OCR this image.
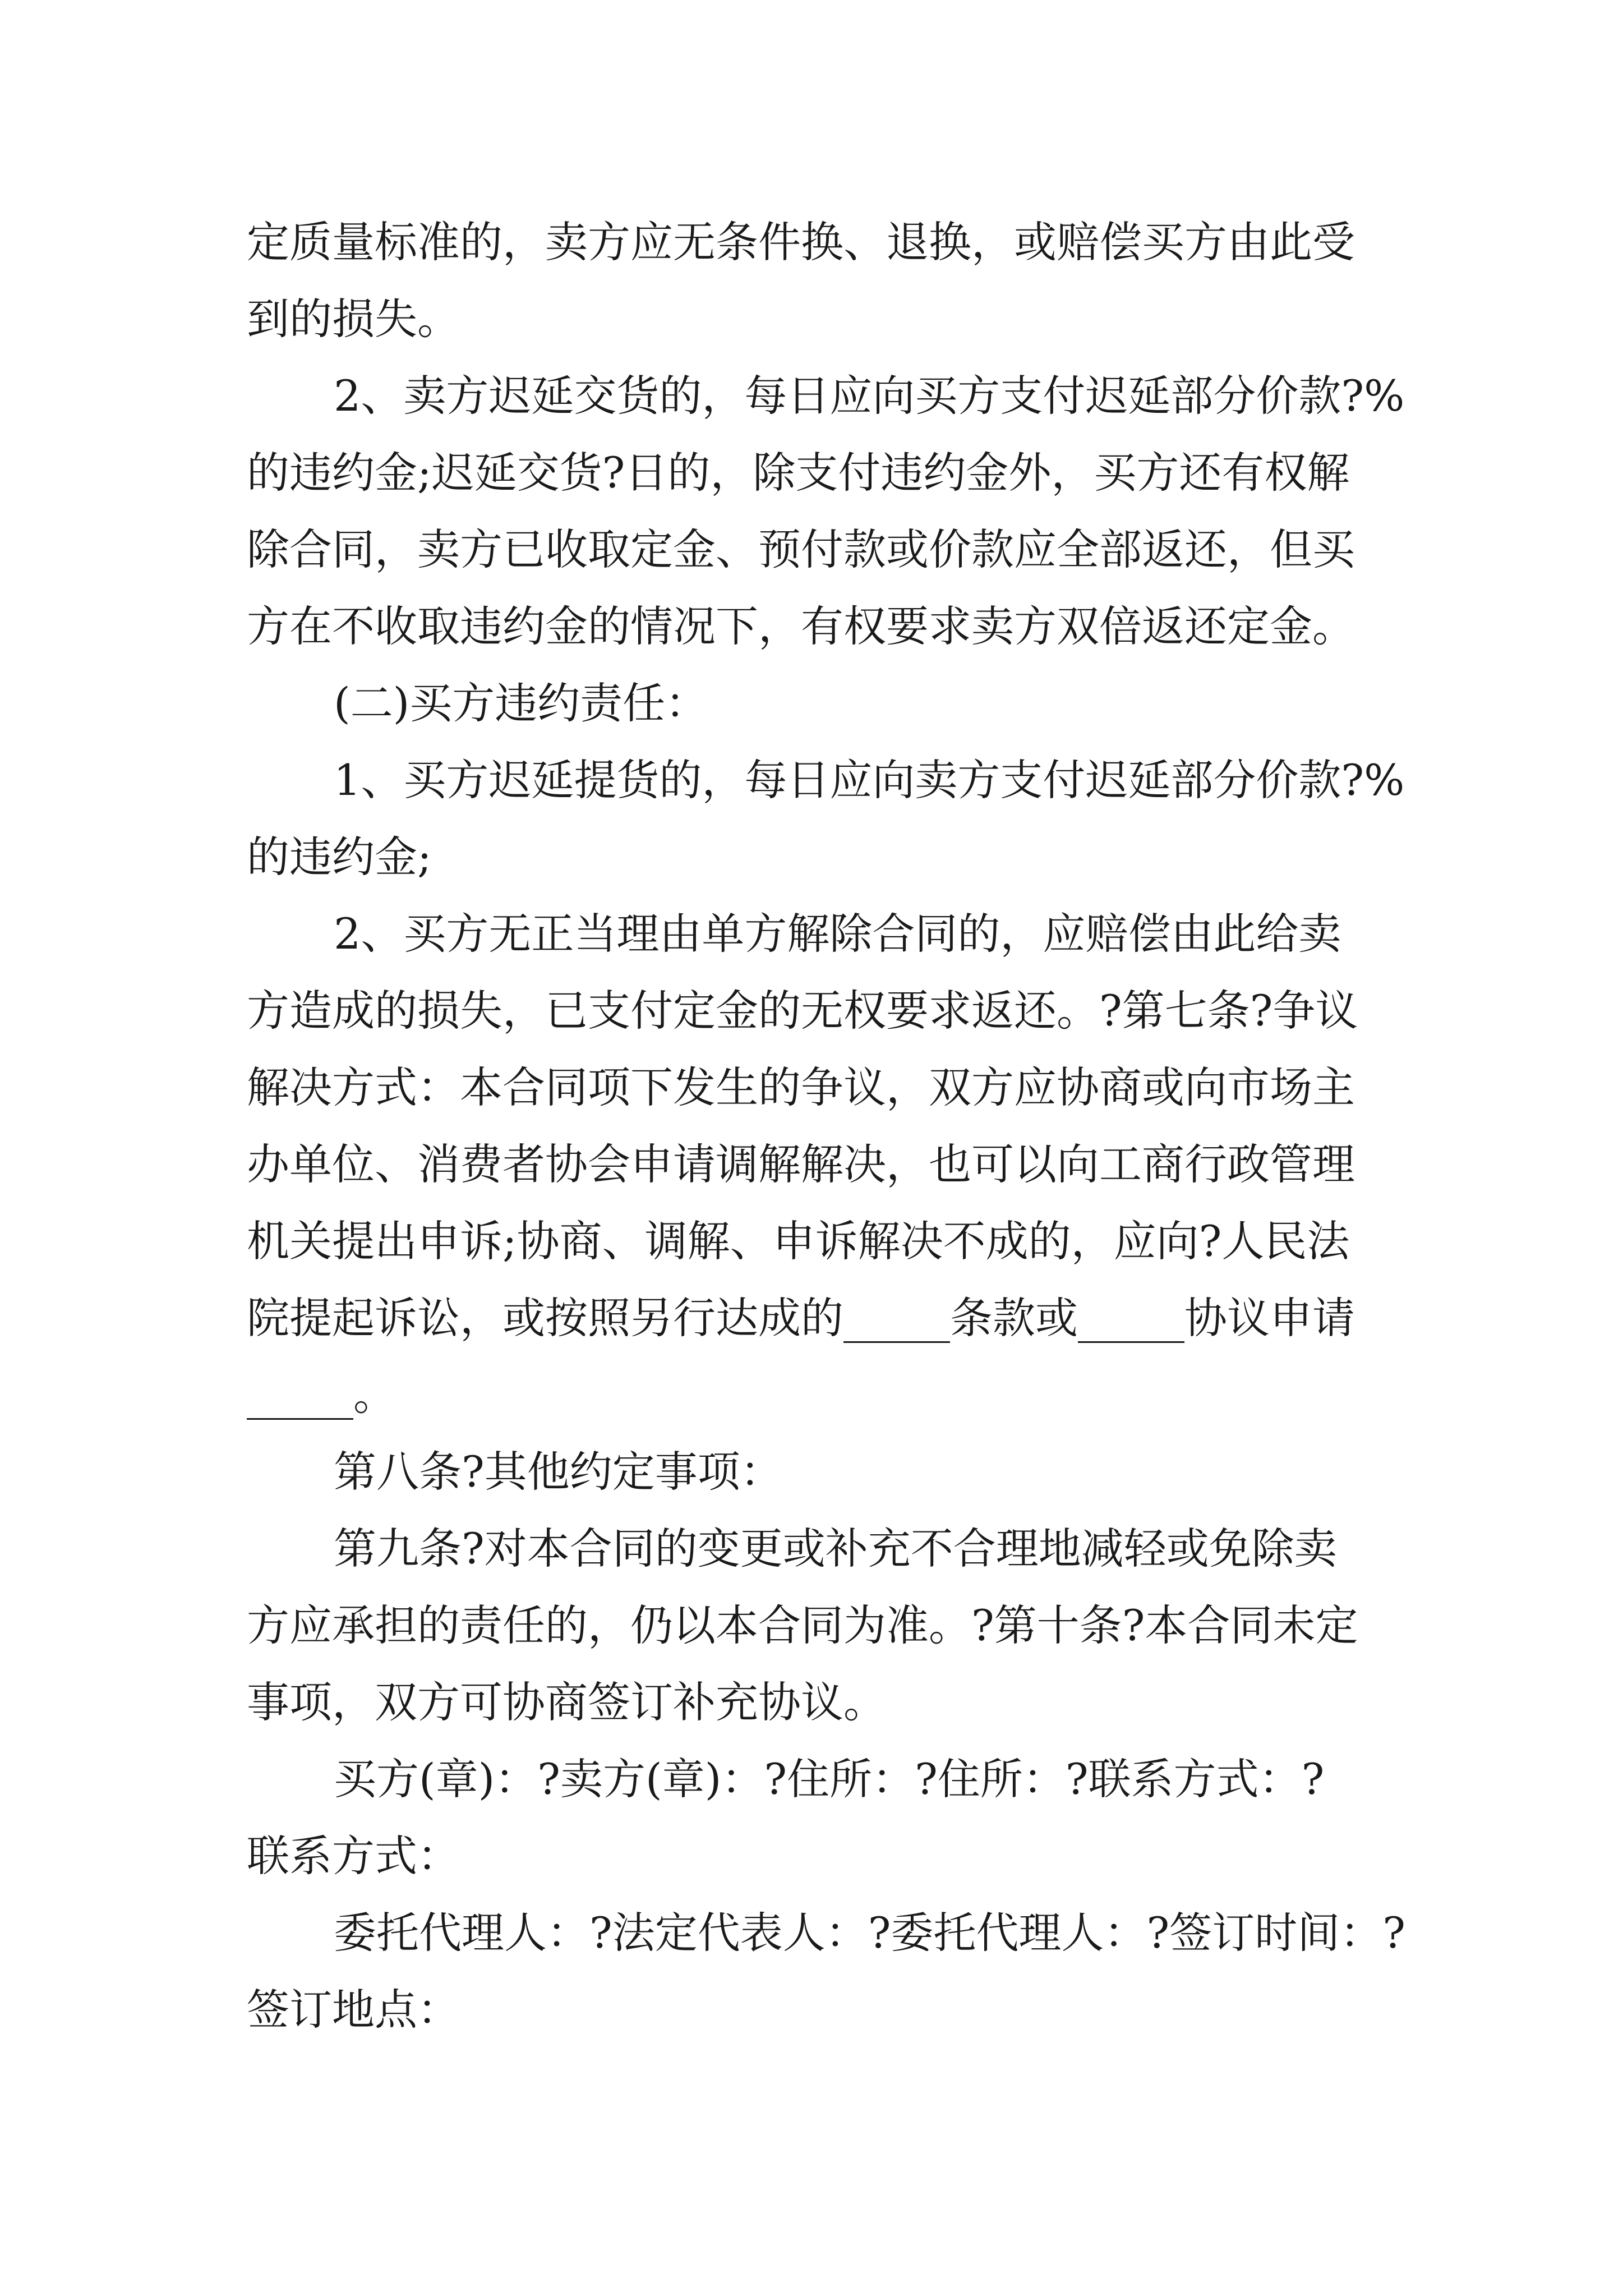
定质量标准的，卖方应无条件换、退换，或赔偿买方由此受
到的损失。
2、卖方迟延交货的，每日应向买方支付迟延部分价款?%
的违约金;迟延交货?日的，除支付违约金外，买方还有权解
除合同，卖方已收取定金、预付款或价款应全部返还，但买
方在不收取违约金的情况下，有权要求卖方双倍返还定金。
(二)买方违约责任：
1、买方迟延提货的，每日应向卖方支付迟延部分价款?%
的违约金;
2、买方无正当理由单方解除合同的，应赔偿由此给卖
方造成的损失，已支付定金的无权要求返还。?第七条?争议
解决方式：本合同项下发生的争议，双方应协商或向市场主
办单位、消费者协会申请调解解决，也可以向工商行政管理
机关提出申诉;协商、调解、申诉解决不成的，应向?人民法
院提起诉讼，或按照另行达成的_____条款或_____协议申请
_____。
第八条?其他约定事项：
第九条?对本合同的变更或补充不合理地减轻或免除卖
方应承担的责任的，仍以本合同为准。?第十条?本合同未定
事项，双方可协商签订补充协议。
买方(章)：?卖方(章)：?住所：?住所：?联系方式：?
联系方式：
委托代理人：?法定代表人：?委托代理人：?签订时间：?
签订地点：
